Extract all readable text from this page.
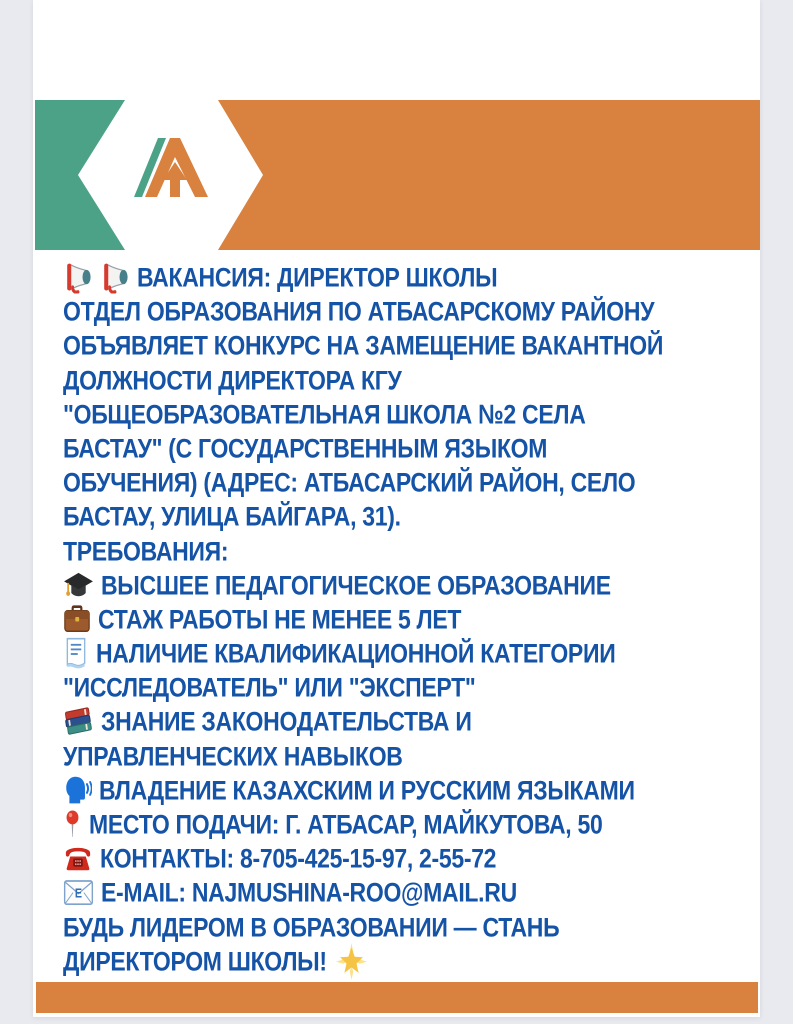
ВАКАНСИЯ: ДИРЕКТОР ШКОЛЫ
ОТДЕЛ ОБРАЗОВАНИЯ ПО АТБАСАРСКОМУ РАЙОНУ
ОБЪЯВЛЯЕТ КОНКУРС НА ЗАМЕЩЕНИЕ ВАКАНТНОЙ
ДОЛЖНОСТИ ДИРЕКТОРА КГУ
"ОБЩЕОБРАЗОВАТЕЛЬНАЯ ШКОЛА №2 СЕЛА
БАСТАУ" (С ГОСУДАРСТВЕННЫМ ЯЗЫКОМ
ОБУЧЕНИЯ) (АДРЕС: АТБАСАРСКИЙ РАЙОН, СЕЛО
БАСТАУ, УЛИЦА БАЙГАРА, 31).
ТРЕБОВАНИЯ:
ВЫСШЕЕ ПЕДАГОГИЧЕСКОЕ ОБРАЗОВАНИЕ
СТАЖ РАБОТЫ НЕ МЕНЕЕ 5 ЛЕТ
НАЛИЧИЕ КВАЛИФИКАЦИОННОЙ КАТЕГОРИИ
"ИССЛЕДОВАТЕЛЬ" ИЛИ "ЭКСПЕРТ"
ЗНАНИЕ ЗАКОНОДАТЕЛЬСТВА И
УПРАВЛЕНЧЕСКИХ НАВЫКОВ
ВЛАДЕНИЕ КАЗАХСКИМ И РУССКИМ ЯЗЫКАМИ
МЕСТО ПОДАЧИ: Г. АТБАСАР, МАЙКУТОВА, 50
КОНТАКТЫ: 8-705-425-15-97, 2-55-72
E E-MAIL: NAJMUSHINA-ROO@MAIL.RU
БУДЬ ЛИДЕРОМ В ОБРАЗОВАНИИ — СТАНЬ
ДИРЕКТОРОМ ШКОЛЫ!
